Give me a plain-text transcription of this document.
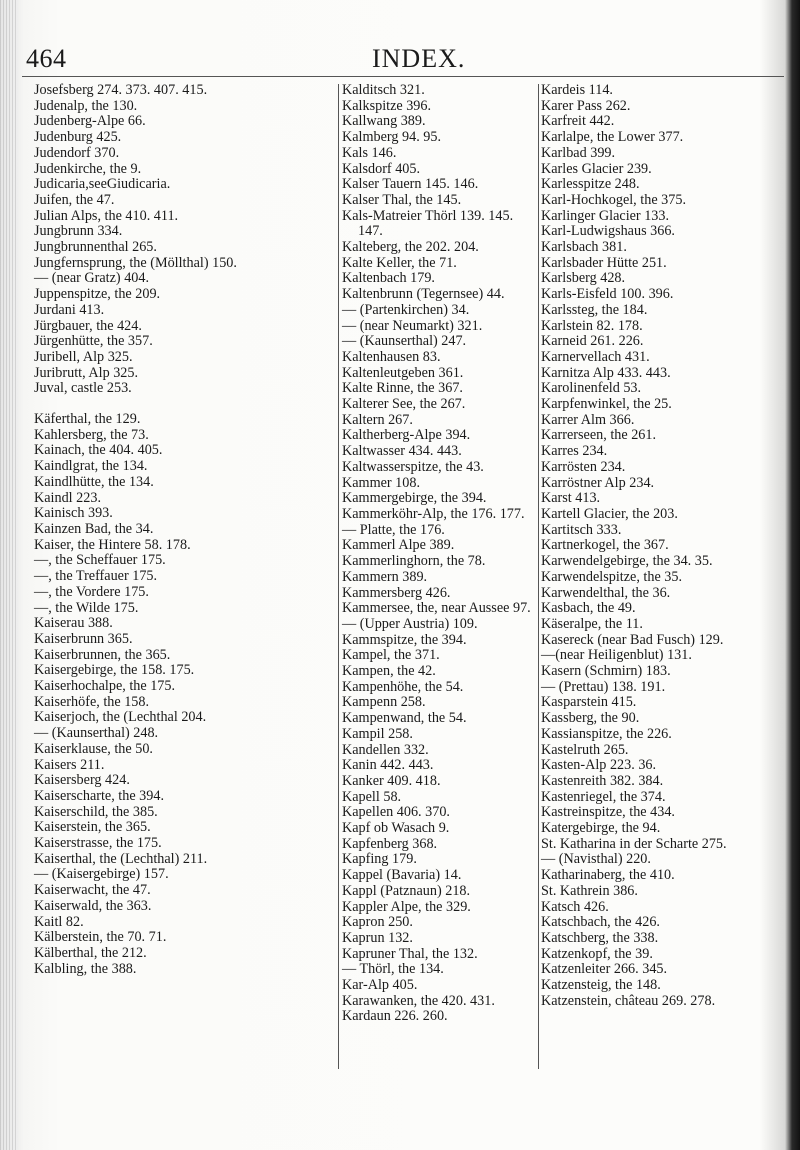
464	INDEX.
Josefsberg 274. 373. 407. 415.
Judenalp, the 130.
Judenberg-Alpe 66.
Judenburg 425.
Judendorf 370.
Judenkirche, the 9.
Judicaria,seeGiudicaria.
Juifen, the 47.
Julian Alps, the 410. 411.
Jungbrunn 334.
Jungbrunnenthal 265.
Jungfernsprung, the (Möllthal) 150.
— (near Gratz) 404.
Juppenspitze, the 209.
Jurdani 413.
Jürgbauer, the 424.
Jürgenhütte, the 357.
Juribell, Alp 325.
Juribrutt, Alp 325.
Juval, castle 253.
Käferthal, the 129.
Kahlersberg, the 73.
Kainach, the 404. 405.
Kaindlgrat, the 134.
Kaindlhütte, the 134.
Kaindl 223.
Kainisch 393.
Kainzen Bad, the 34.
Kaiser, the Hintere 58. 178.
—, the Scheffauer 175.
—, the Treffauer 175.
—, the Vordere 175.
—, the Wilde 175.
Kaiserau 388.
Kaiserbrunn 365.
Kaiserbrunnen, the 365.
Kaisergebirge, the 158. 175.
Kaiserhochalpe, the 175.
Kaiserhöfe, the 158.
Kaiserjoch, the (Lechthal 204.
— (Kaunserthal) 248.
Kaiserklause, the 50.
Kaisers 211.
Kaisersberg 424.
Kaiserscharte, the 394.
Kaiserschild, the 385.
Kaiserstein, the 365.
Kaiserstrasse, the 175.
Kaiserthal, the (Lechthal) 211.
— (Kaisergebirge) 157.
Kaiserwacht, the 47.
Kaiserwald, the 363.
Kaitl 82.
Kälberstein, the 70. 71.
Kälberthal, the 212.
Kalbling, the 388.
Kalditsch 321.
Kalkspitze 396.
Kallwang 389.
Kalmberg 94. 95.
Kals 146.
Kalsdorf 405.
Kalser Tauern 145. 146.
Kalser Thal, the 145.
Kals-Matreier Thörl 139. 145. 147.
Kalteberg, the 202. 204.
Kalte Keller, the 71.
Kaltenbach 179.
Kaltenbrunn (Tegernsee) 44.
— (Partenkirchen) 34.
— (near Neumarkt) 321.
— (Kaunserthal) 247.
Kaltenhausen 83.
Kaltenleutgeben 361.
Kalte Rinne, the 367.
Kalterer See, the 267.
Kaltern 267.
Kaltherberg-Alpe 394.
Kaltwasser 434. 443.
Kaltwasserspitze, the 43.
Kammer 108.
Kammergebirge, the 394.
Kammerköhr-Alp, the 176. 177.
— Platte, the 176.
Kammerl Alpe 389.
Kammerlinghorn, the 78.
Kammern 389.
Kammersberg 426.
Kammersee, the, near Aussee 97.
— (Upper Austria) 109.
Kammspitze, the 394.
Kampel, the 371.
Kampen, the 42.
Kampenhöhe, the 54.
Kampenn 258.
Kampenwand, the 54.
Kampil 258.
Kandellen 332.
Kanin 442. 443.
Kanker 409. 418.
Kapell 58.
Kapellen 406. 370.
Kapf ob Wasach 9.
Kapfenberg 368.
Kapfing 179.
Kappel (Bavaria) 14.
Kappl (Patznaun) 218.
Kappler Alpe, the 329.
Kapron 250.
Kaprun 132.
Kapruner Thal, the 132.
— Thörl, the 134.
Kar-Alp 405.
Karawanken, the 420. 431.
Kardaun 226. 260.
Kardeis 114.
Karer Pass 262.
Karfreit 442.
Karlalpe, the Lower 377.
Karlbad 399.
Karles Glacier 239.
Karlesspitze 248.
Karl-Hochkogel, the 375.
Karlinger Glacier 133.
Karl-Ludwigshaus 366.
Karlsbach 381.
Karlsbader Hütte 251.
Karlsberg 428.
Karls-Eisfeld 100. 396.
Karlssteg, the 184.
Karlstein 82. 178.
Karneid 261. 226.
Karnervellach 431.
Karnitza Alp 433. 443.
Karolinenfeld 53.
Karpfenwinkel, the 25.
Karrer Alm 366.
Karrerseen, the 261.
Karres 234.
Karrösten 234.
Karröstner Alp 234.
Karst 413.
Kartell Glacier, the 203.
Kartitsch 333.
Kartnerkogel, the 367.
Karwendelgebirge, the 34. 35.
Karwendelspitze, the 35.
Karwendelthal, the 36.
Kasbach, the 49.
Käseralpe, the 11.
Kasereck (near Bad Fusch) 129.
—(near Heiligenblut) 131.
Kasern (Schmirn) 183.
— (Prettau) 138. 191.
Kasparstein 415.
Kassberg, the 90.
Kassianspitze, the 226.
Kastelruth 265.
Kasten-Alp 223. 36.
Kastenreith 382. 384.
Kastenriegel, the 374.
Kastreinspitze, the 434.
Katergebirge, the 94.
St. Katharina in der Scharte 275.
— (Navisthal) 220.
Katharinaberg, the 410.
St. Kathrein 386.
Katsch 426.
Katschbach, the 426.
Katschberg, the 338.
Katzenkopf, the 39.
Katzenleiter 266. 345.
Katzensteig, the 148.
Katzenstein, château 269. 278.
